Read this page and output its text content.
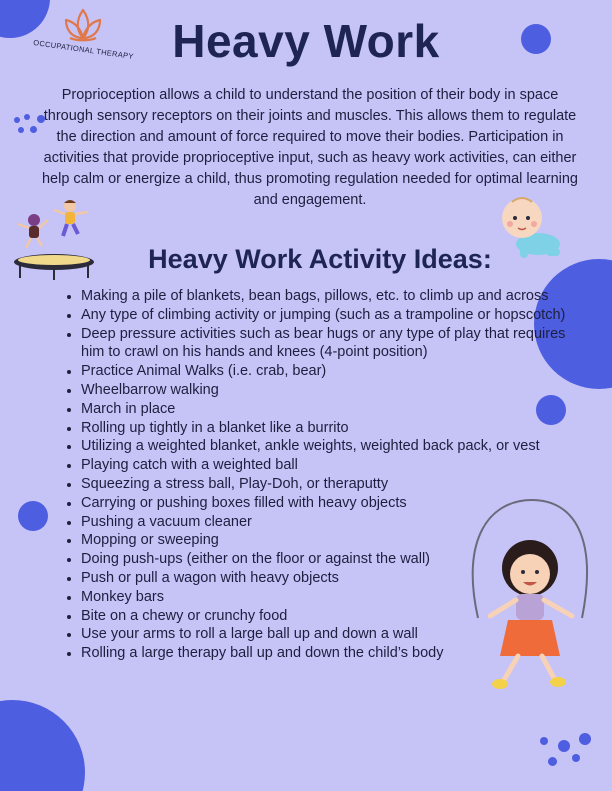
OCCUPATIONAL THERAPY Heavy Work
Proprioception allows a child to understand the position of their body in space through sensory receptors on their joints and muscles. This allows them to regulate the direction and amount of force required to move their bodies. Participation in activities that provide proprioceptive input, such as heavy work activities, can either help calm or energize a child, thus promoting regulation needed for optimal learning and engagement.
Heavy Work Activity Ideas:
• Making a pile of blankets, bean bags, pillows, etc. to climb up and across
• Any type of climbing activity or jumping (such as a trampoline or hopscotch)
• Deep pressure activities such as bear hugs or any type of play that requires him to crawl on his hands and knees (4-point position)
• Practice Animal Walks (i.e. crab, bear)
• Wheelbarrow walking
• March in place
• Rolling up tightly in a blanket like a burrito
• Utilizing a weighted blanket, ankle weights, weighted back pack, or vest
• Playing catch with a weighted ball
• Squeezing a stress ball, Play-Doh, or theraputty
• Carrying or pushing boxes filled with heavy objects
• Pushing a vacuum cleaner
• Mopping or sweeping
• Doing push-ups (either on the floor or against the wall)
• Push or pull a wagon with heavy objects
• Monkey bars
• Bite on a chewy or crunchy food
• Use your arms to roll a large ball up and down a wall
• Rolling a large therapy ball up and down the child’s body
